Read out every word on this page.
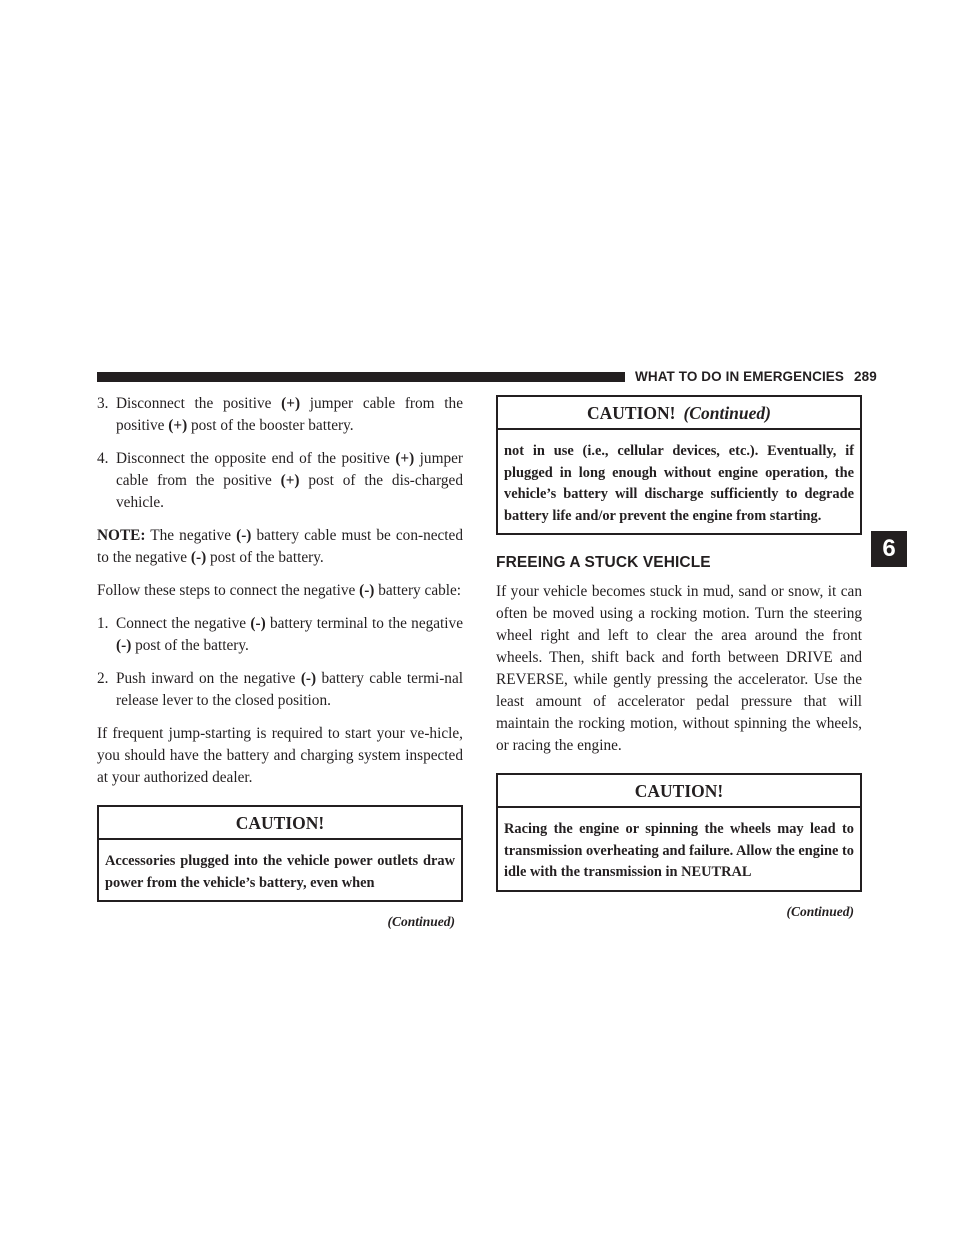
WHAT TO DO IN EMERGENCIES 289
3. Disconnect the positive (+) jumper cable from the positive (+) post of the booster battery.
4. Disconnect the opposite end of the positive (+) jumper cable from the positive (+) post of the dis-charged vehicle.

NOTE: The negative (-) battery cable must be con-nected to the negative (-) post of the battery.

Follow these steps to connect the negative (-) battery cable:

1. Connect the negative (-) battery terminal to the negative (-) post of the battery.
2. Push inward on the negative (-) battery cable termi-nal release lever to the closed position.

If frequent jump-starting is required to start your ve-hicle, you should have the battery and charging system inspected at your authorized dealer.

CAUTION!
Accessories plugged into the vehicle power outlets draw power from the vehicle’s battery, even when
(Continued)
CAUTION! (Continued)
not in use (i.e., cellular devices, etc.). Eventually, if plugged in long enough without engine operation, the vehicle’s battery will discharge sufficiently to degrade battery life and/or prevent the engine from starting.
FREEING A STUCK VEHICLE

If your vehicle becomes stuck in mud, sand or snow, it can often be moved using a rocking motion. Turn the steering wheel right and left to clear the area around the front wheels. Then, shift back and forth between DRIVE and REVERSE, while gently pressing the accelerator. Use the least amount of accelerator pedal pressure that will maintain the rocking motion, without spinning the wheels, or racing the engine.

CAUTION!
Racing the engine or spinning the wheels may lead to transmission overheating and failure. Allow the engine to idle with the transmission in NEUTRAL
(Continued)
6
